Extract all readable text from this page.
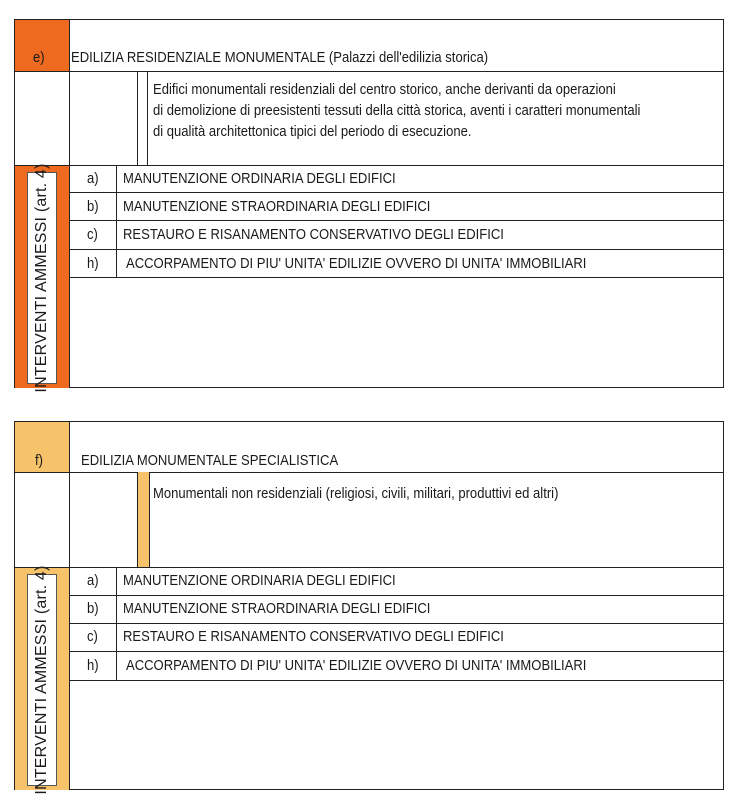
INTERVENTI AMMESSI (art. 4)
e) EDILIZIA RESIDENZIALE MONUMENTALE (Palazzi dell'edilizia storica)
Edifici monumentali residenziali del centro storico, anche derivanti da operazioni
di demolizione di preesistenti tessuti della città storica, aventi i caratteri monumentali
di qualità architettonica tipici del periodo di esecuzione.
a) MANUTENZIONE ORDINARIA DEGLI EDIFICI
b) MANUTENZIONE STRAORDINARIA DEGLI EDIFICI
c) RESTAURO E RISANAMENTO CONSERVATIVO DEGLI EDIFICI
h) ACCORPAMENTO DI PIU' UNITA' EDILIZIE OVVERO DI UNITA' IMMOBILIARI
INTERVENTI AMMESSI (art. 4)
f)	EDILIZIA MONUMENTALE SPECIALISTICA
Monumentali non residenziali (religiosi, civili, militari, produttivi ed altri)
a) MANUTENZIONE ORDINARIA DEGLI EDIFICI
b) MANUTENZIONE STRAORDINARIA DEGLI EDIFICI
c) RESTAURO E RISANAMENTO CONSERVATIVO DEGLI EDIFICI
h) ACCORPAMENTO DI PIU' UNITA' EDILIZIE OVVERO DI UNITA' IMMOBILIARI
